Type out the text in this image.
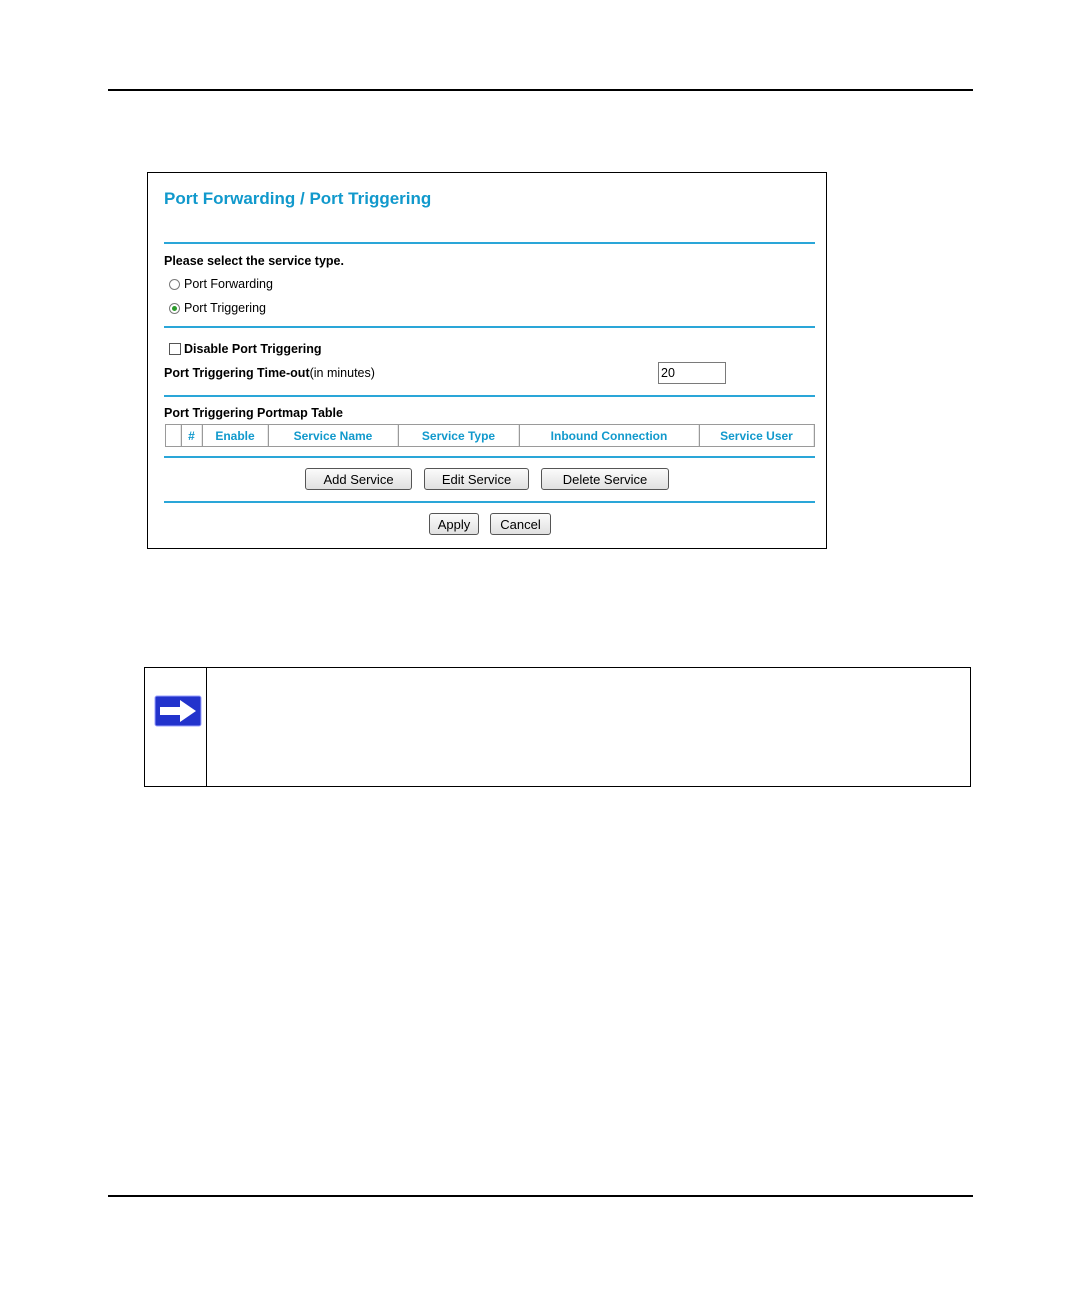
Port Forwarding / Port Triggering
Please select the service type.
Port Forwarding
Port Triggering
Disable Port Triggering
Port Triggering Time-out(in minutes)
20
Port Triggering Portmap Table
	#	Enable	Service Name	Service Type	Inbound Connection	Service User
Add Service	Edit Service	Delete Service
Apply	Cancel
